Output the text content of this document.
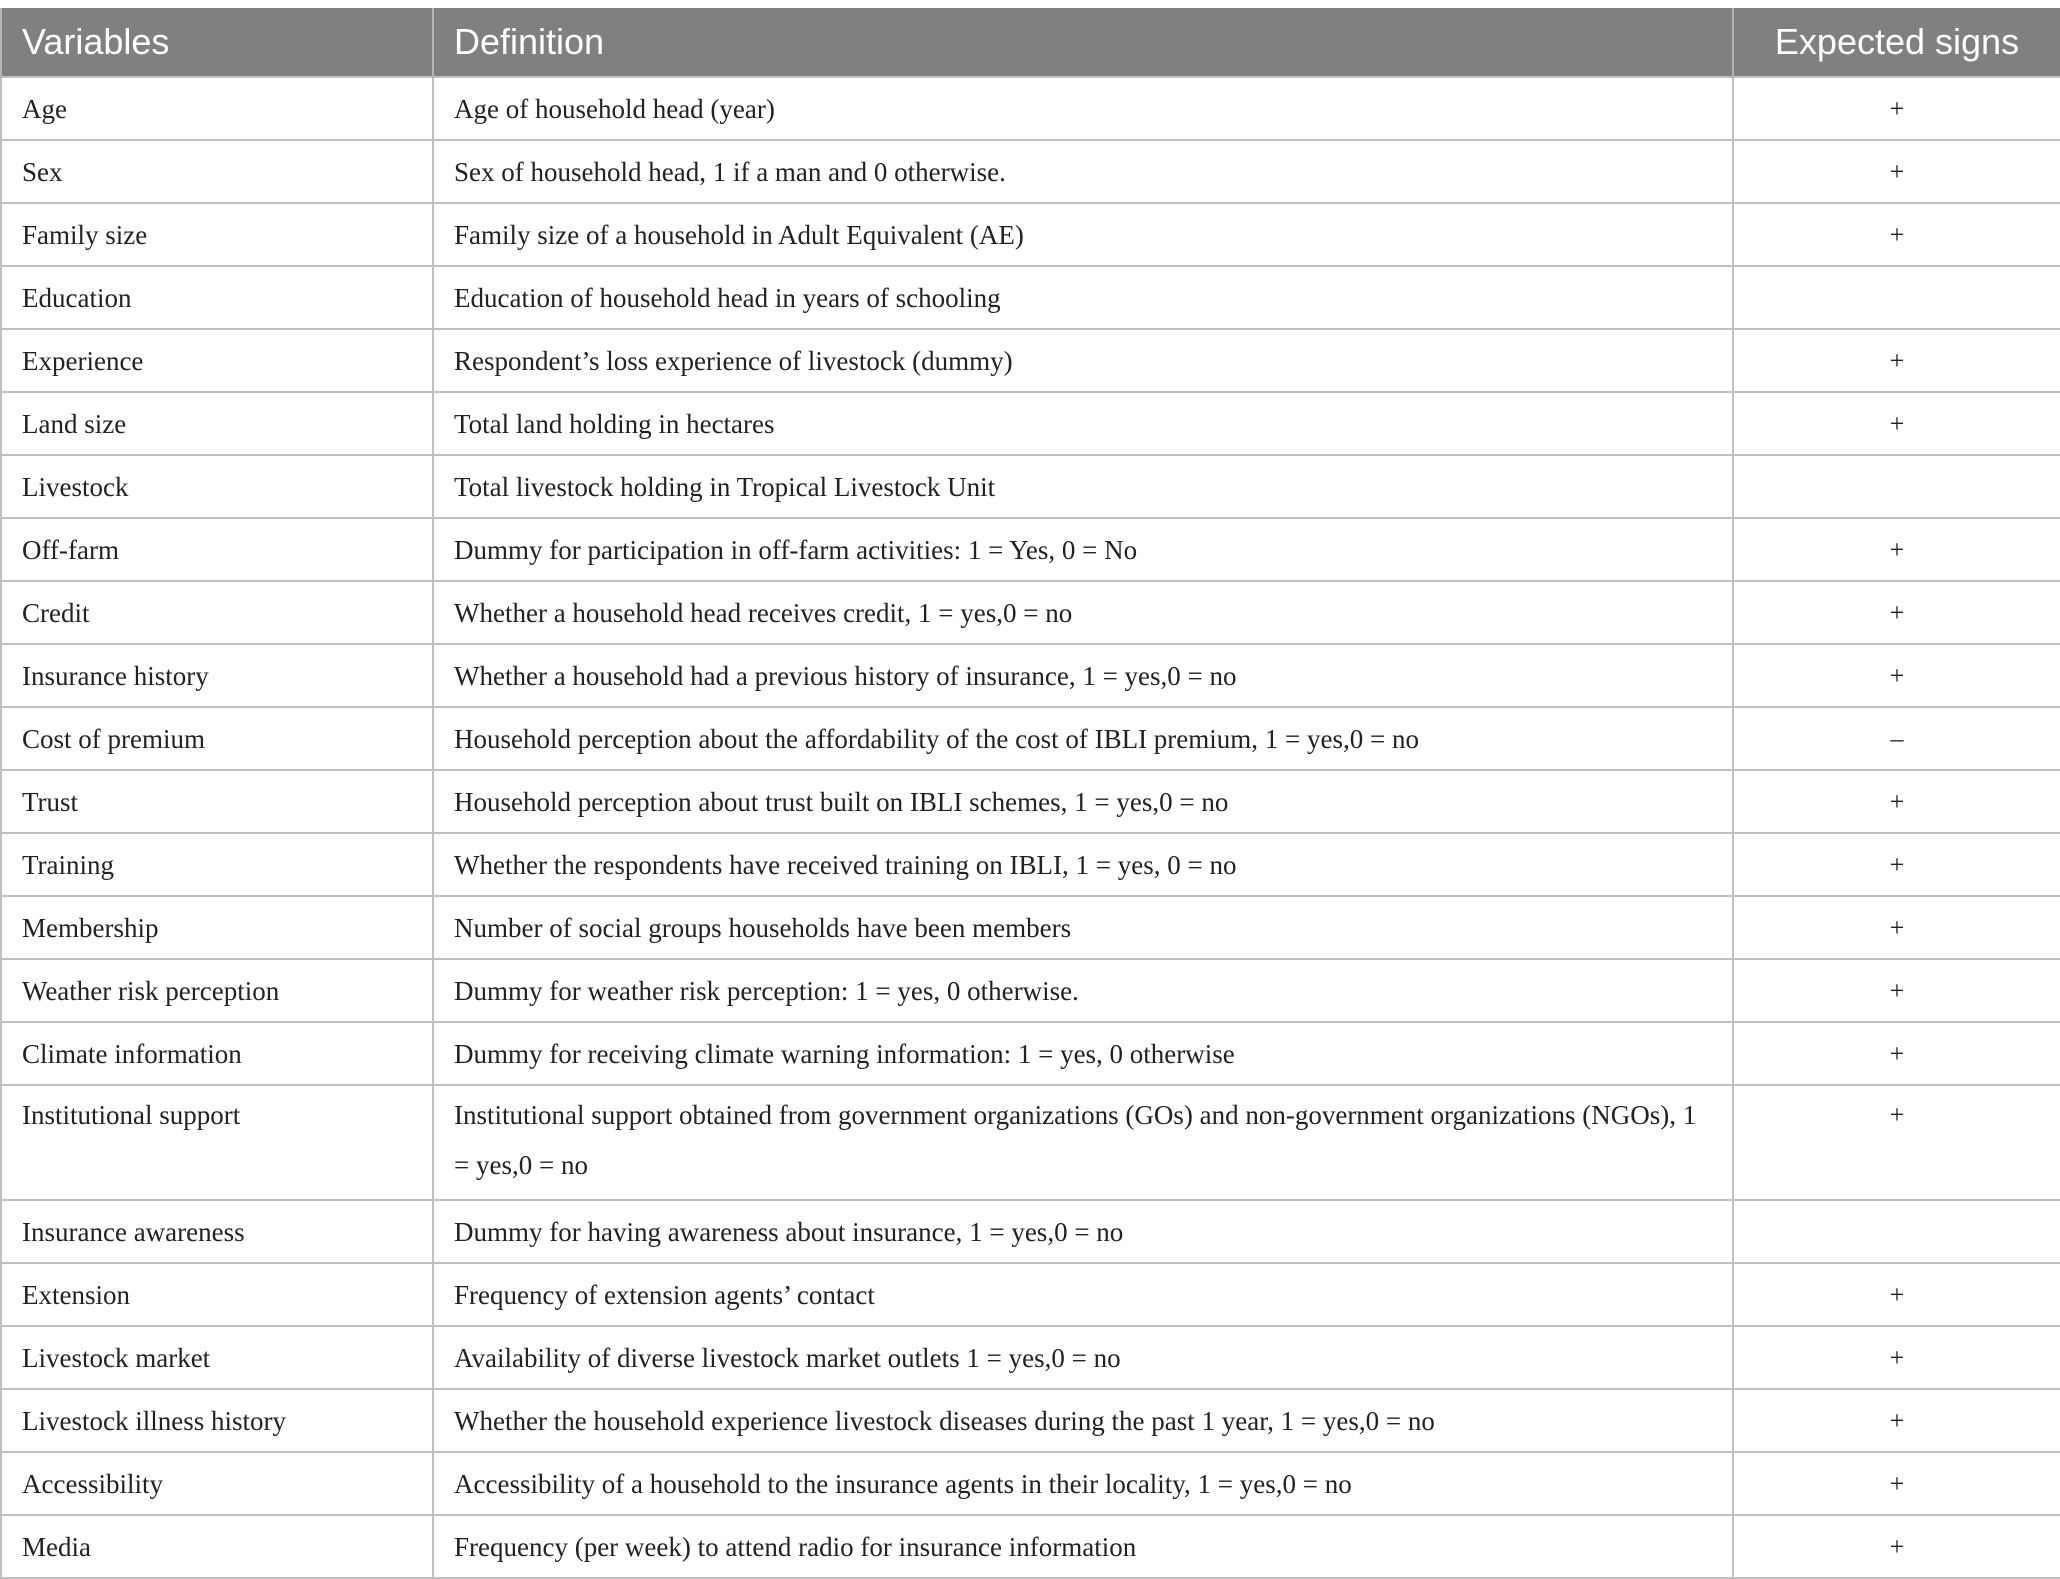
Variables	Definition	Expected signs
Age	Age of household head (year)	+
Sex	Sex of household head, 1 if a man and 0 otherwise.	+
Family size	Family size of a household in Adult Equivalent (AE)	+
Education	Education of household head in years of schooling	
Experience	Respondent’s loss experience of livestock (dummy)	+
Land size	Total land holding in hectares	+
Livestock	Total livestock holding in Tropical Livestock Unit	
Off-farm	Dummy for participation in off-farm activities: 1 = Yes, 0 = No	+
Credit	Whether a household head receives credit, 1 = yes,0 = no	+
Insurance history	Whether a household had a previous history of insurance, 1 = yes,0 = no	+
Cost of premium	Household perception about the affordability of the cost of IBLI premium, 1 = yes,0 = no	–
Trust	Household perception about trust built on IBLI schemes, 1 = yes,0 = no	+
Training	Whether the respondents have received training on IBLI, 1 = yes, 0 = no	+
Membership	Number of social groups households have been members	+
Weather risk perception	Dummy for weather risk perception: 1 = yes, 0 otherwise.	+
Climate information	Dummy for receiving climate warning information: 1 = yes, 0 otherwise	+
Institutional support	Institutional support obtained from government organizations (GOs) and non-government organizations (NGOs), 1 = yes,0 = no	+
Insurance awareness	Dummy for having awareness about insurance, 1 = yes,0 = no	
Extension	Frequency of extension agents’ contact	+
Livestock market	Availability of diverse livestock market outlets 1 = yes,0 = no	+
Livestock illness history	Whether the household experience livestock diseases during the past 1 year, 1 = yes,0 = no	+
Accessibility	Accessibility of a household to the insurance agents in their locality, 1 = yes,0 = no	+
Media	Frequency (per week) to attend radio for insurance information	+
